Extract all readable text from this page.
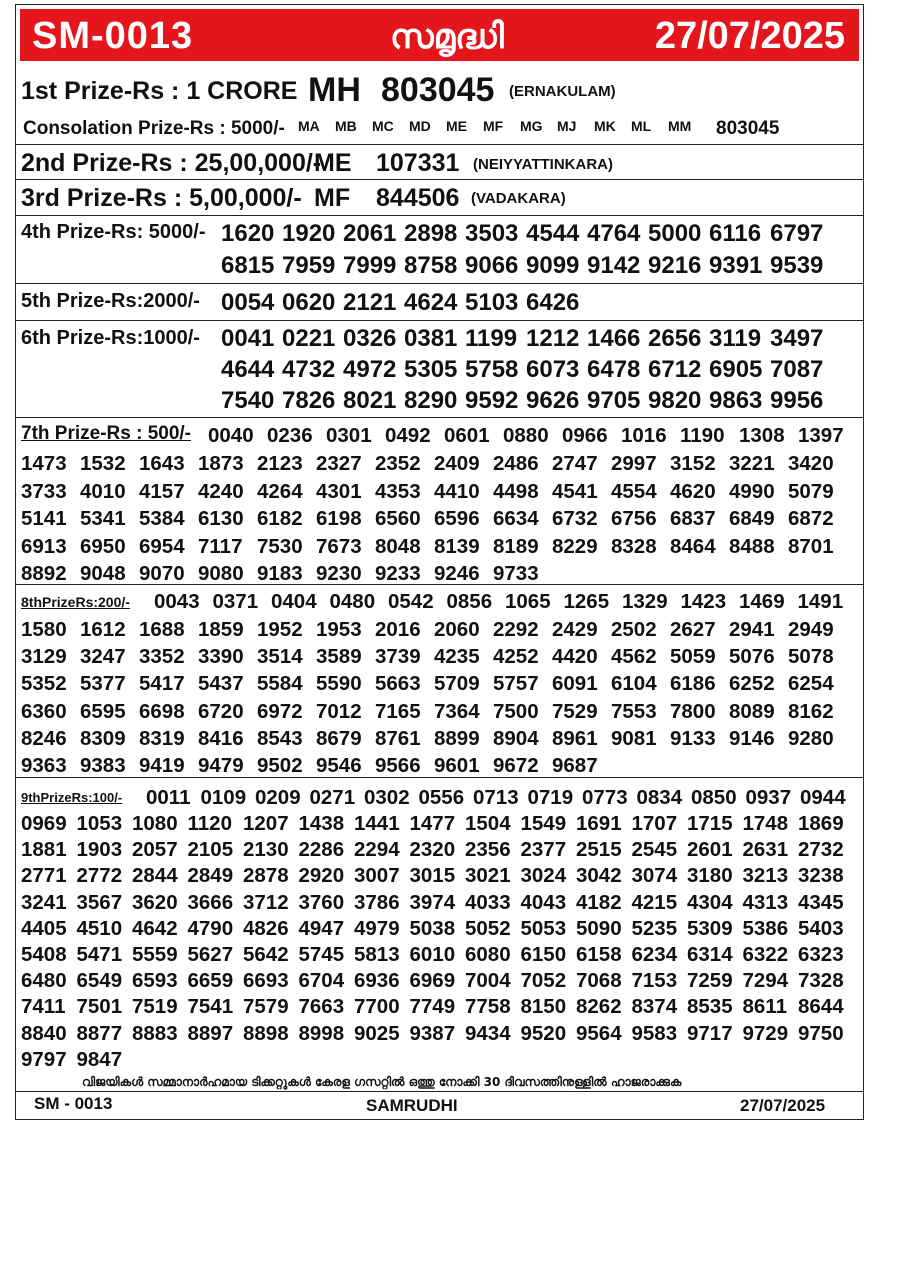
SM-0013	സമൃദ്ധി	27/07/2025
1st Prize-Rs : 1 CRORE MH 803045 (ERNAKULAM)
Consolation Prize-Rs : 5000/- MA	MB	MC	MD	ME	MF	MG	MJ	MK	ML	MM	803045
2nd Prize-Rs : 25,00,000/-
ME 107331 (NEIYYATTINKARA)
3rd Prize-Rs : 5,00,000/- MF 844506 (VADAKARA)
4th Prize-Rs: 5000/- 1620 1920 2061 2898 3503 4544 4764 5000 6116 6797
6815 7959 7999 8758 9066 9099 9142 9216 9391 9539
5th Prize-Rs:2000/- 0054 0620 2121 4624 5103 6426
6th Prize-Rs:1000/- 0041 0221 0326 0381 1199 1212 1466 2656 3119 3497
4644 4732 4972 5305 5758 6073 6478 6712 6905 7087
7540 7826 8021 8290 9592 9626 9705 9820 9863 9956
7th Prize-Rs : 500/- 0040 0236 0301 0492 0601 0880 0966 1016 1190 1308 1397
1473 1532 1643 1873 2123 2327 2352 2409 2486 2747 2997 3152 3221 3420
3733 4010 4157 4240 4264 4301 4353 4410 4498 4541 4554 4620 4990 5079
5141 5341 5384 6130 6182 6198 6560 6596 6634 6732 6756 6837 6849 6872
6913 6950 6954 7117 7530 7673 8048 8139 8189 8229 8328 8464 8488 8701
8892 9048 9070 9080 9183 9230 9233 9246 9733
8thPrizeRs:200/- 0043 0371 0404 0480 0542 0856 1065 1265 1329 1423 1469 1491
1580 1612 1688 1859 1952 1953 2016 2060 2292 2429 2502 2627 2941 2949
3129 3247 3352 3390 3514 3589 3739 4235 4252 4420 4562 5059 5076 5078
5352 5377 5417 5437 5584 5590 5663 5709 5757 6091 6104 6186 6252 6254
6360 6595 6698 6720 6972 7012 7165 7364 7500 7529 7553 7800 8089 8162
8246 8309 8319 8416 8543 8679 8761 8899 8904 8961 9081 9133 9146 9280
9363 9383 9419 9479 9502 9546 9566 9601 9672 9687
9thPrizeRs:100/- 0011 0109 0209 0271 0302 0556 0713 0719 0773 0834 0850 0937 0944
0969 1053 1080 1120 1207 1438 1441 1477 1504 1549 1691 1707 1715 1748 1869
1881 1903 2057 2105 2130 2286 2294 2320 2356 2377 2515 2545 2601 2631 2732
2771 2772 2844 2849 2878 2920 3007 3015 3021 3024 3042 3074 3180 3213 3238
3241 3567 3620 3666 3712 3760 3786 3974 4033 4043 4182 4215 4304 4313 4345
4405 4510 4642 4790 4826 4947 4979 5038 5052 5053 5090 5235 5309 5386 5403
5408 5471 5559 5627 5642 5745 5813 6010 6080 6150 6158 6234 6314 6322 6323
6480 6549 6593 6659 6693 6704 6936 6969 7004 7052 7068 7153 7259 7294 7328
7411 7501 7519 7541 7579 7663 7700 7749 7758 8150 8262 8374 8535 8611 8644
8840 8877 8883 8897 8898 8998 9025 9387 9434 9520 9564 9583 9717 9729 9750
9797 9847
വിജയികൾ സമ്മാനാർഹമായ ടിക്കറ്റുകൾ കേരള ഗസറ്റിൽ ഒത്തു നോക്കി 30 ദിവസത്തിനുള്ളിൽ ഹാജരാക്കുക
SM - 0013	SAMRUDHI	27/07/2025
